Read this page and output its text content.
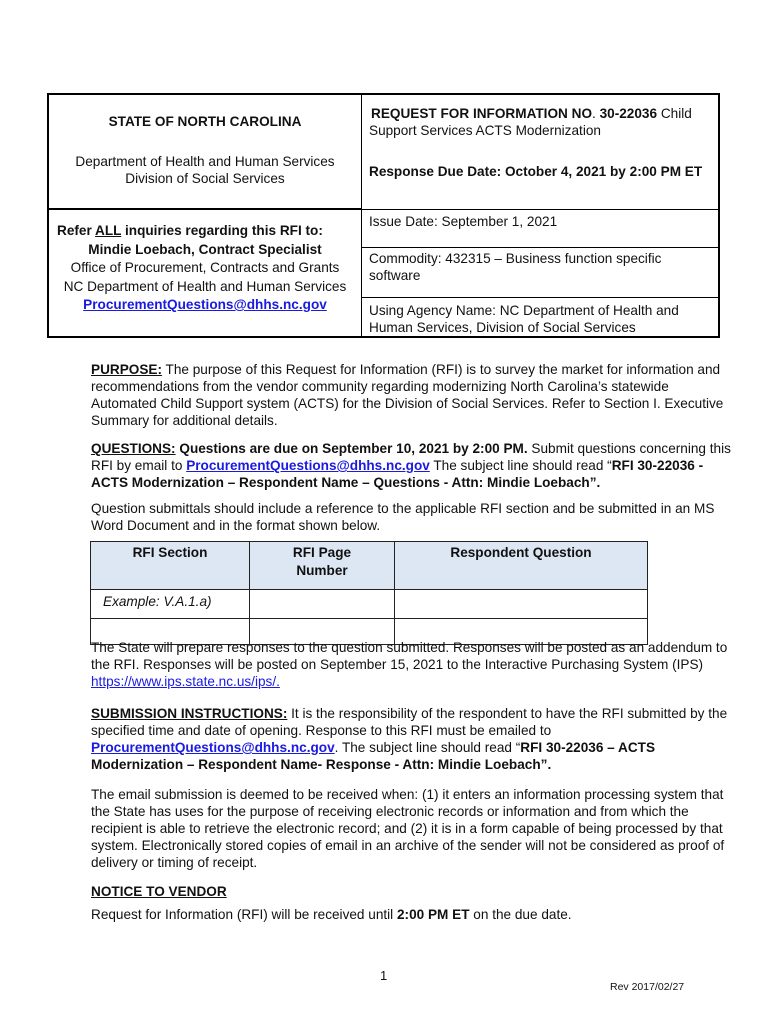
STATE OF NORTH CAROLINA
Department of Health and Human Services
Division of Social Services
Refer ALL inquiries regarding this RFI to:
Mindie Loebach, Contract Specialist
Office of Procurement, Contracts and Grants
NC Department of Health and Human Services
ProcurementQuestions@dhhs.nc.gov
REQUEST FOR INFORMATION NO. 30-22036 Child
Support Services ACTS Modernization
Response Due Date: October 4, 2021 by 2:00 PM ET
Issue Date: September 1, 2021
Commodity: 432315 – Business function specific
software
Using Agency Name: NC Department of Health and
Human Services, Division of Social Services
PURPOSE: The purpose of this Request for Information (RFI) is to survey the market for information and recommendations from the vendor community regarding modernizing North Carolina’s statewide Automated Child Support system (ACTS) for the Division of Social Services. Refer to Section I. Executive Summary for additional details.
QUESTIONS: Questions are due on September 10, 2021 by 2:00 PM. Submit questions concerning this RFI by email to ProcurementQuestions@dhhs.nc.gov The subject line should read “RFI 30-22036 - ACTS Modernization – Respondent Name – Questions - Attn: Mindie Loebach”.
Question submittals should include a reference to the applicable RFI section and be submitted in an MS Word Document and in the format shown below.
RFI Section	RFI Page Number	Respondent Question
Example: V.A.1.a)		

The State will prepare responses to the question submitted. Responses will be posted as an addendum to the RFI. Responses will be posted on September 15, 2021 to the Interactive Purchasing System (IPS) https://www.ips.state.nc.us/ips/.
SUBMISSION INSTRUCTIONS: It is the responsibility of the respondent to have the RFI submitted by the specified time and date of opening. Response to this RFI must be emailed to ProcurementQuestions@dhhs.nc.gov. The subject line should read “RFI 30-22036 – ACTS Modernization – Respondent Name- Response - Attn: Mindie Loebach”.
The email submission is deemed to be received when: (1) it enters an information processing system that the State has uses for the purpose of receiving electronic records or information and from which the recipient is able to retrieve the electronic record; and (2) it is in a form capable of being processed by that system. Electronically stored copies of email in an archive of the sender will not be considered as proof of delivery or timing of receipt.
NOTICE TO VENDOR
Request for Information (RFI) will be received until 2:00 PM ET on the due date.
1
Rev 2017/02/27
